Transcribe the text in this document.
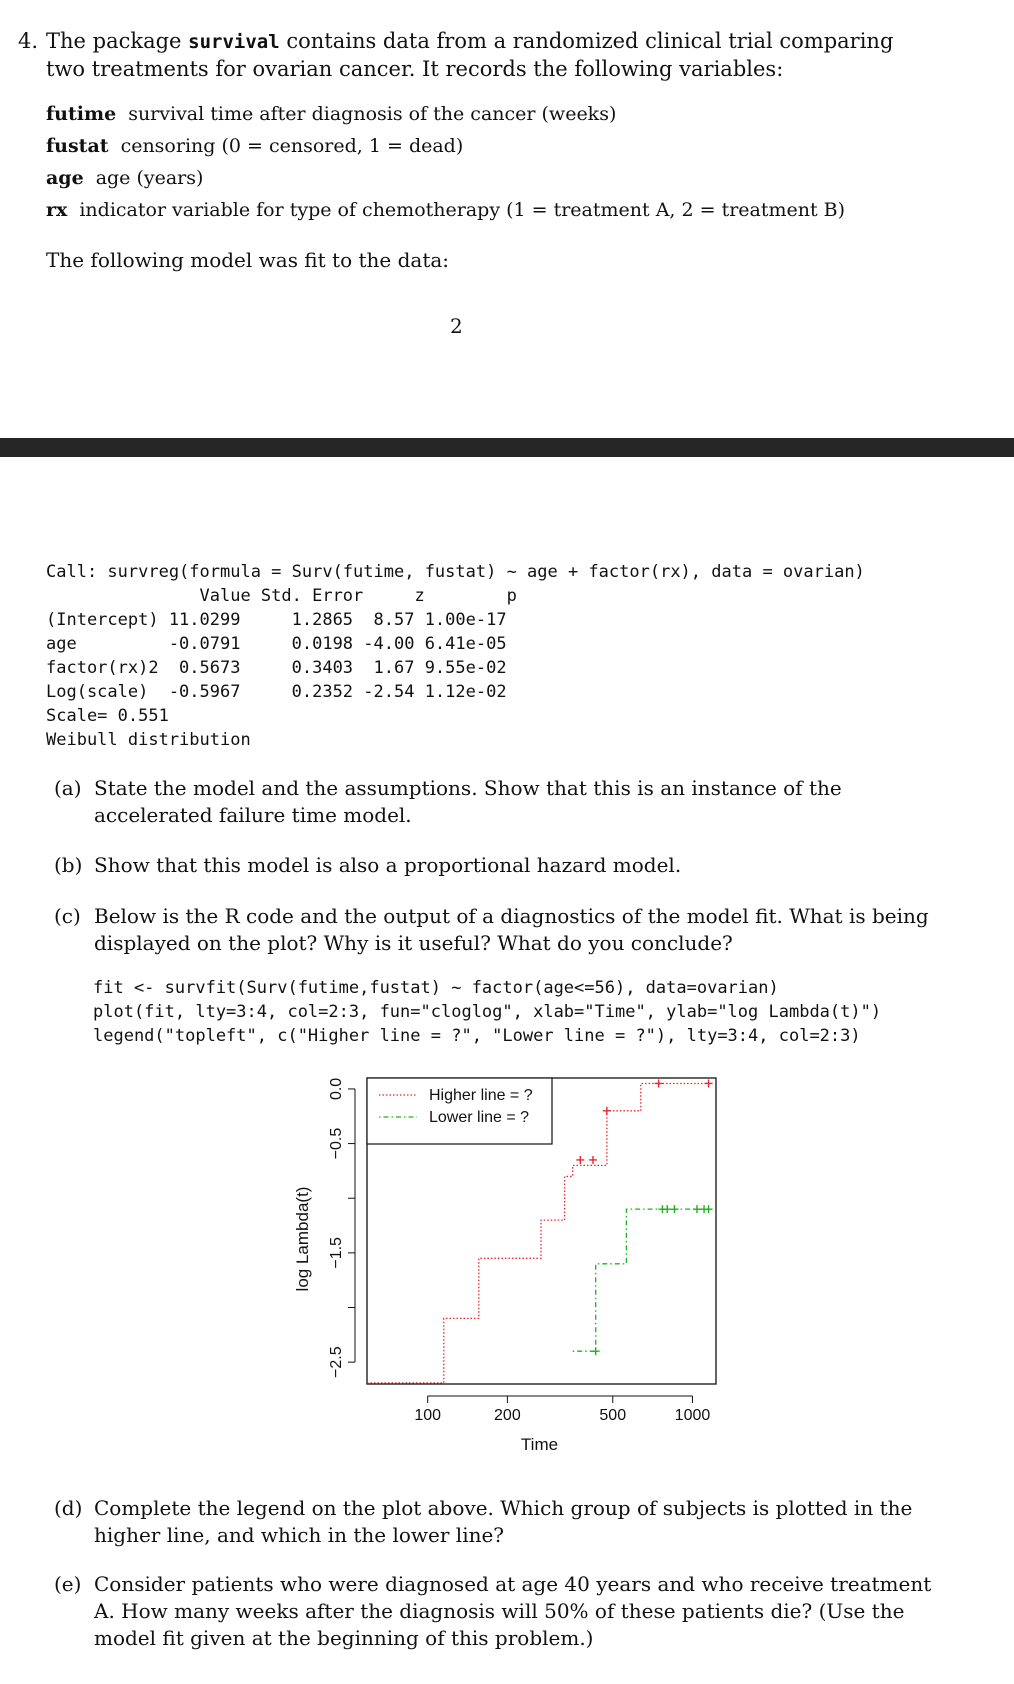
4. The package survival contains data from a randomized clinical trial comparing two treatments for ovarian cancer. It records the following variables:
futime survival time after diagnosis of the cancer (weeks)
fustat censoring (0 = censored, 1 = dead)
age age (years)
rx indicator variable for type of chemotherapy (1 = treatment A, 2 = treatment B)
The following model was fit to the data:
2
Call: survreg(formula = Surv(futime, fustat) ~ age + factor(rx), data = ovarian)
Value Std. Error     z        p
(Intercept) 11.0299     1.2865  8.57 1.00e-17
age         -0.0791     0.0198 -4.00 6.41e-05
factor(rx)2  0.5673     0.3403  1.67 9.55e-02
Log(scale)  -0.5967     0.2352 -2.54 1.12e-02
Scale= 0.551
Weibull distribution
(a) State the model and the assumptions. Show that this is an instance of the accelerated failure time model.
(b) Show that this model is also a proportional hazard model.
(c) Below is the R code and the output of a diagnostics of the model fit. What is being displayed on the plot? Why is it useful? What do you conclude?
fit <- survfit(Surv(futime,fustat) ~ factor(age<=56), data=ovarian)
plot(fit, lty=3:4, col=2:3, fun="cloglog", xlab="Time", ylab="log Lambda(t)")
legend("topleft", c("Higher line = ?", "Lower line = ?"), lty=3:4, col=2:3)
100	200	500	1000
Time
−2.5
−1.5
−0.5
0.0
log Lambda(t)
Higher line = ?
Lower line = ?
(d) Complete the legend on the plot above. Which group of subjects is plotted in the higher line, and which in the lower line?
(e) Consider patients who were diagnosed at age 40 years and who receive treatment A. How many weeks after the diagnosis will 50% of these patients die? (Use the model fit given at the beginning of this problem.)
